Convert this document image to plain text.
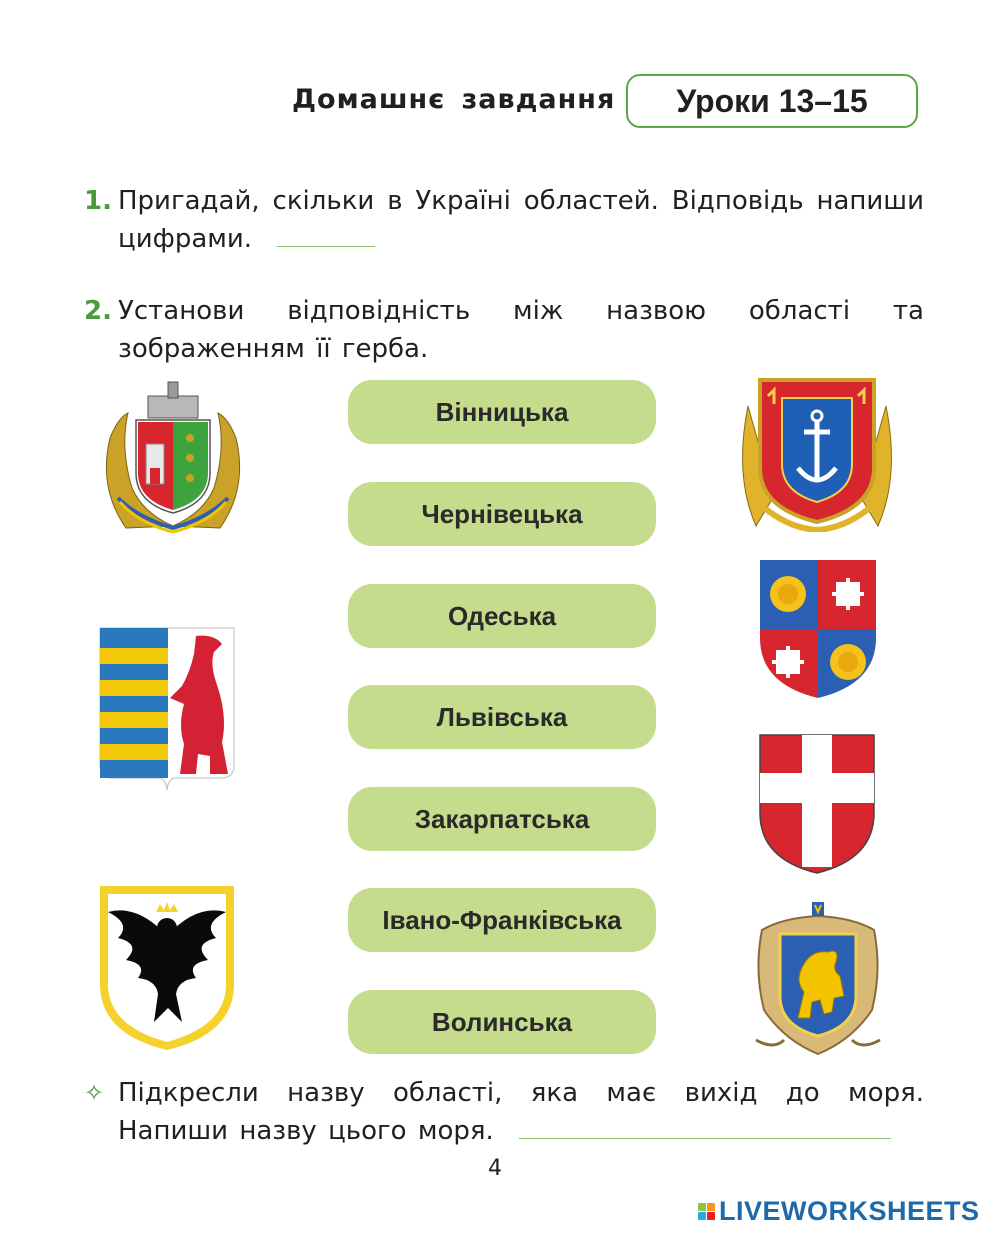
Домашнє завдання Уроки 13–15
1. Пригадай, скільки в Україні областей. Відповідь напиши цифрами.
2. Установи відповідність між назвою області та зображенням її герба.
Вінницька
Чернівецька
Одеська
Львівська
Закарпатська
Івано-Франківська
Волинська
✧ Підкресли назву області, яка має вихід до моря. Напиши назву цього моря.
4
LIVEWORKSHEETS
